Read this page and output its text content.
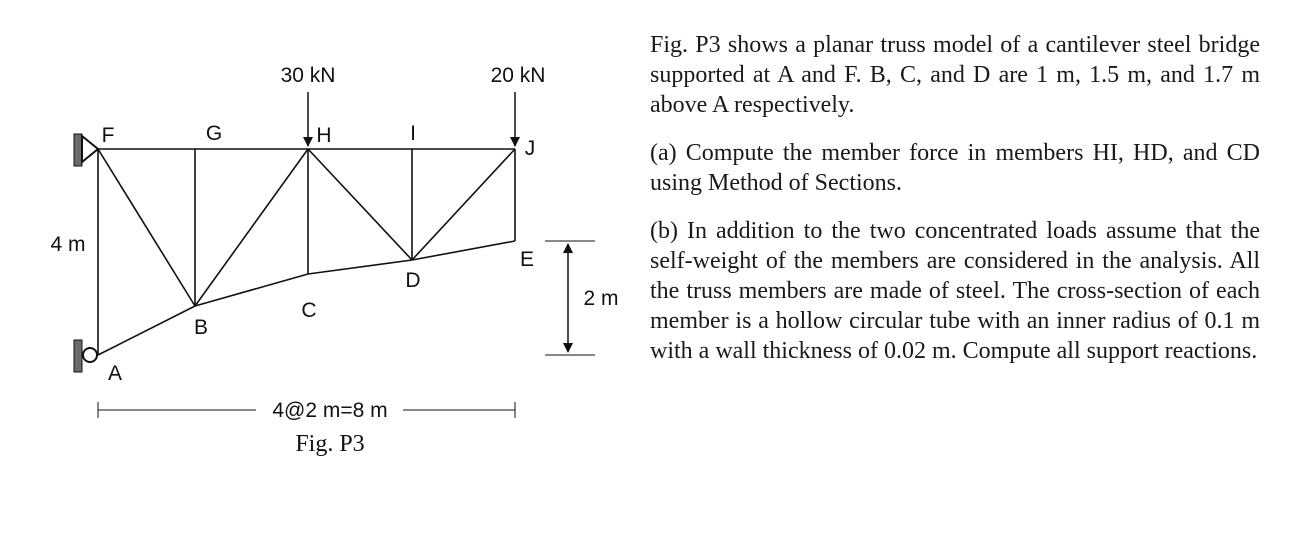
F	G	H	I
J
E
D
C
B
A
30 kN	20 kN
4 m
2 m
4@2 m=8 m
Fig. P3

Fig. P3 shows a planar truss model of a cantilever steel bridge supported at A and F. B, C, and D are 1 m, 1.5 m, and 1.7 m above A respectively.

(a) Compute the member force in members HI, HD, and CD using Method of Sections.

(b) In addition to the two concentrated loads assume that the self-weight of the members are considered in the analysis. All the truss members are made of steel. The cross-section of each member is a hollow circular tube with an inner radius of 0.1 m with a wall thickness of 0.02 m. Compute all support reactions.
